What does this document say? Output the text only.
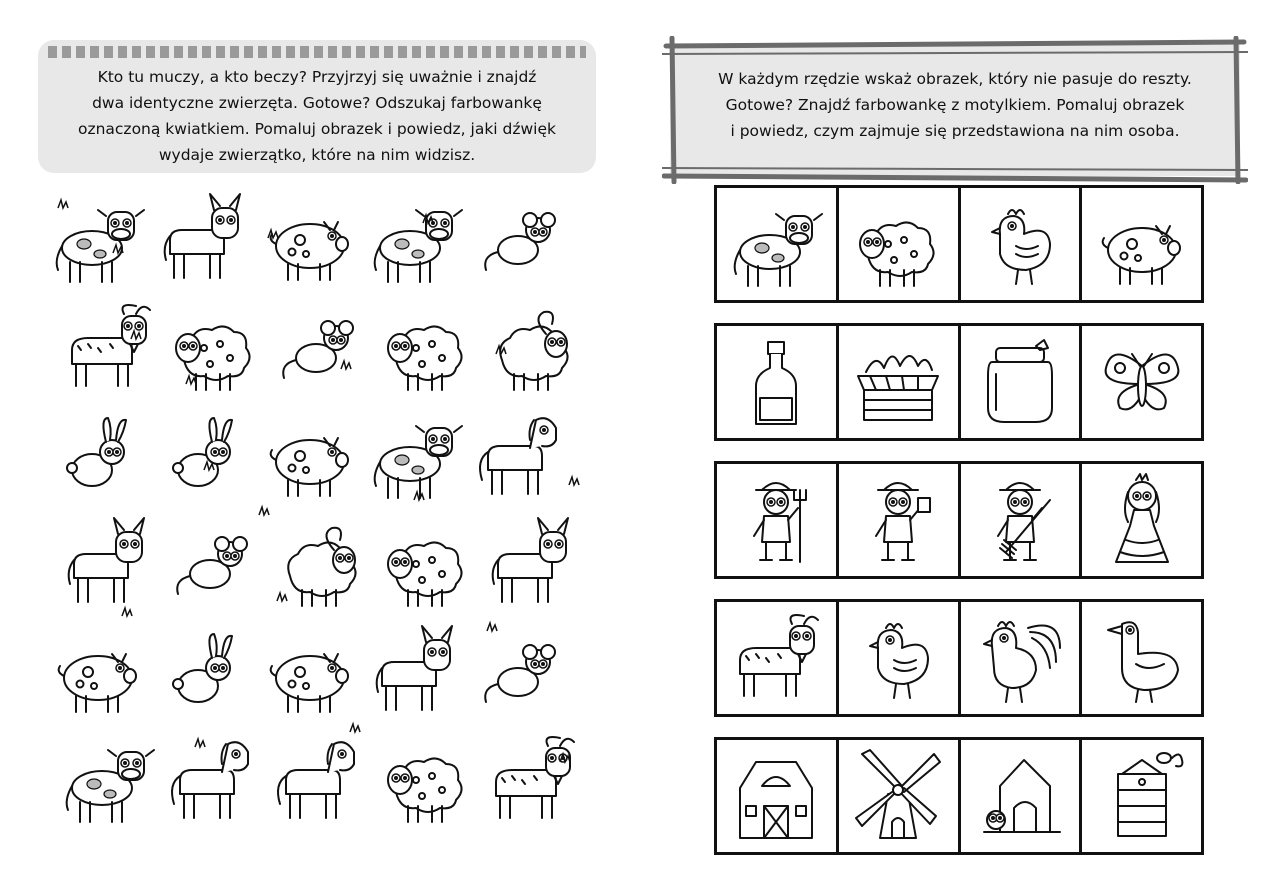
Kto tu muczy, a kto beczy? Przyjrzyj się uważnie i znajdź
dwa identyczne zwierzęta. Gotowe? Odszukaj farbowankę
oznaczoną kwiatkiem. Pomaluj obrazek i powiedz, jaki dźwięk
wydaje zwierzątko, które na nim widzisz.
W każdym rzędzie wskaż obrazek, który nie pasuje do reszty.
Gotowe? Znajdź farbowankę z motylkiem. Pomaluj obrazek
i powiedz, czym zajmuje się przedstawiona na nim osoba.
